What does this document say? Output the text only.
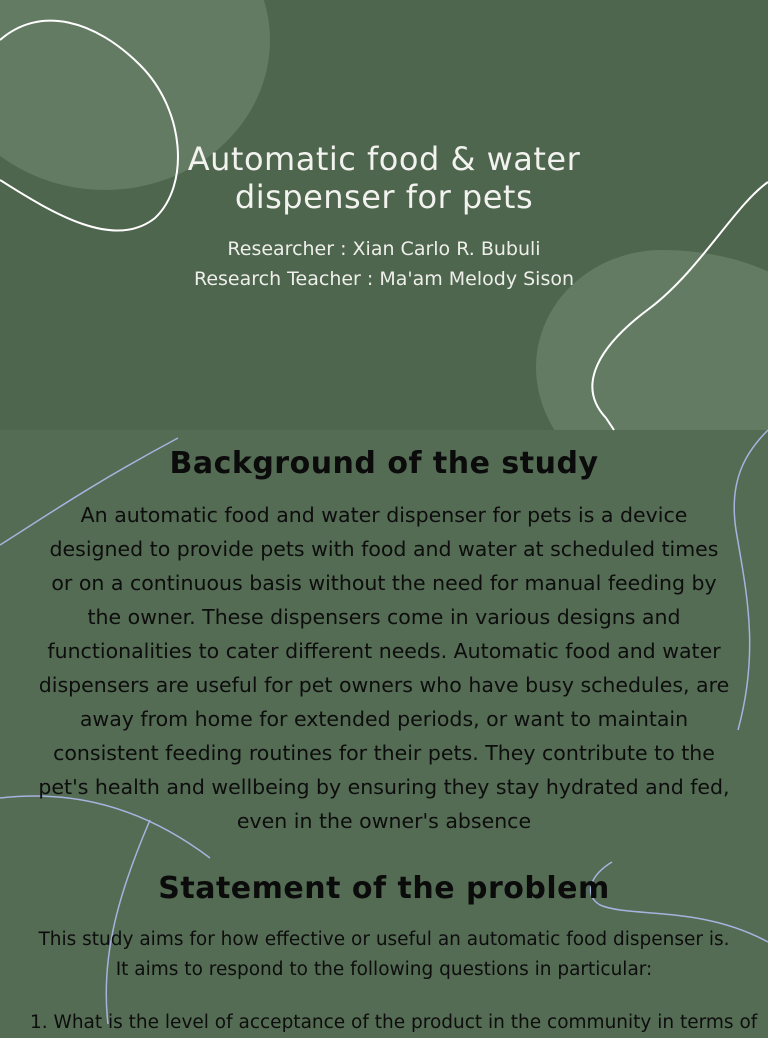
Automatic food & water
dispenser for pets
Researcher : Xian Carlo R. Bubuli
Research Teacher : Ma'am Melody Sison
Background of the study

An automatic food and water dispenser for pets is a device designed to provide pets with food and water at scheduled times or on a continuous basis without the need for manual feeding by the owner. These dispensers come in various designs and functionalities to cater different needs. Automatic food and water dispensers are useful for pet owners who have busy schedules, are away from home for extended periods, or want to maintain consistent feeding routines for their pets. They contribute to the pet's health and wellbeing by ensuring they stay hydrated and fed, even in the owner's absence

Statement of the problem

This study aims for how effective or useful an automatic food dispenser is. It aims to respond to the following questions in particular:

1. What is the level of acceptance of the product in the community in terms of
